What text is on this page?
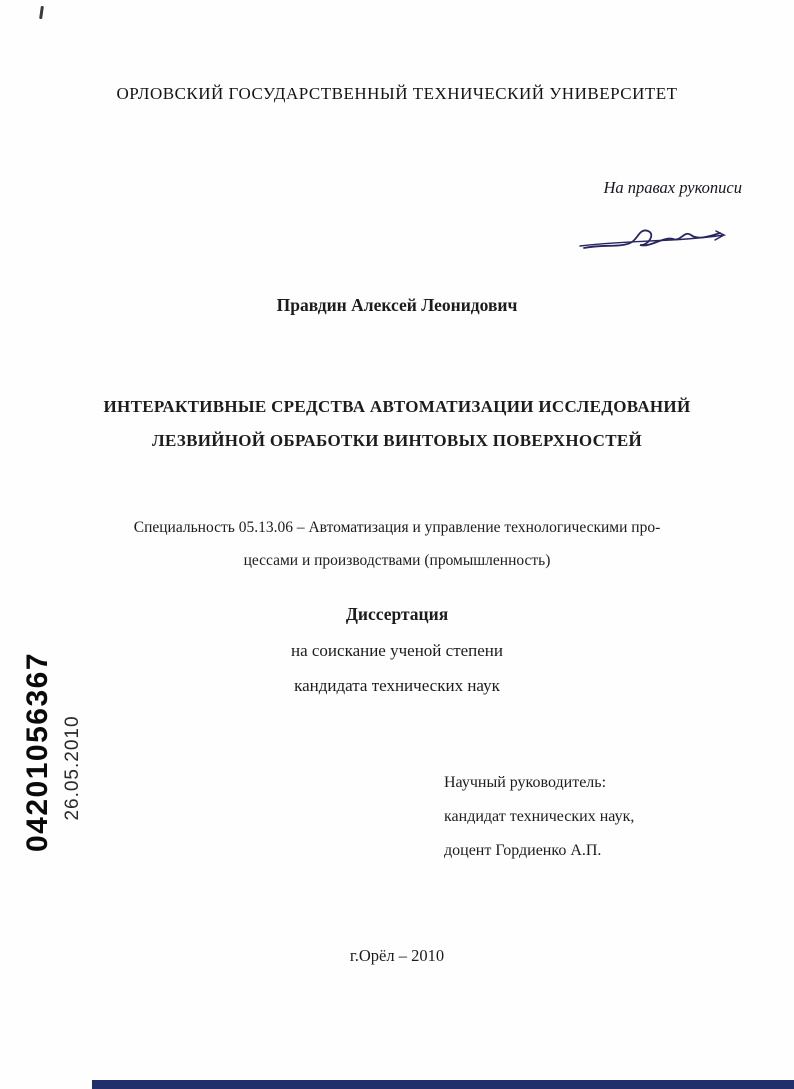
ОРЛОВСКИЙ ГОСУДАРСТВЕННЫЙ ТЕХНИЧЕСКИЙ УНИВЕРСИТЕТ
На правах рукописи
Правдин Алексей Леонидович
ИНТЕРАКТИВНЫЕ СРЕДСТВА АВТОМАТИЗАЦИИ ИССЛЕДОВАНИЙ
ЛЕЗВИЙНОЙ ОБРАБОТКИ ВИНТОВЫХ ПОВЕРХНОСТЕЙ
Специальность 05.13.06 – Автоматизация и управление технологическими про-
цессами и производствами (промышленность)
Диссертация
на соискание ученой степени
кандидата технических наук
Научный руководитель:
кандидат технических наук,
доцент Гордиенко А.П.
г.Орёл – 2010
04201056367 26.05.2010
